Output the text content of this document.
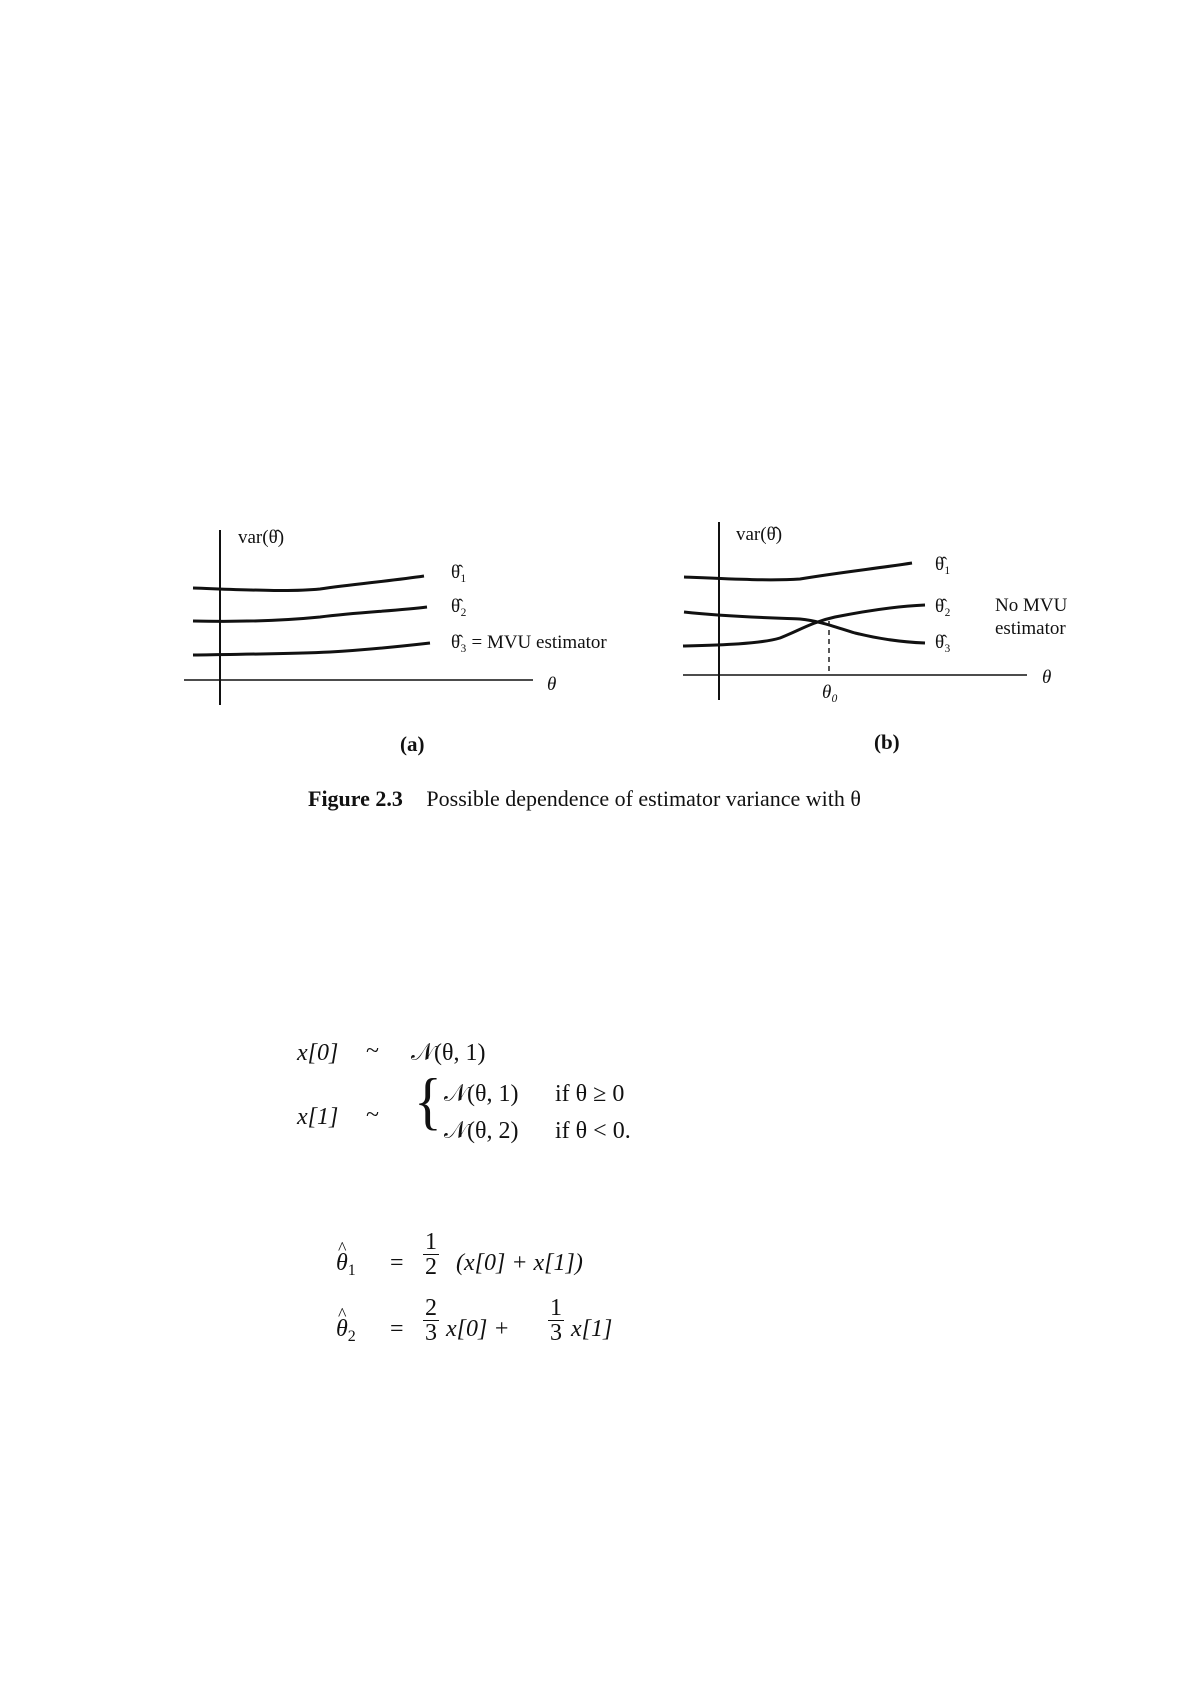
var(θ̂)
θ̂₁
θ̂₂
θ̂₃ = MVU estimator
θ
(a)
var(θ̂)
θ̂₁
θ̂₂
θ̂₃
No MVU
estimator
θ₀
θ
(b)
Figure 2.3 Possible dependence of estimator variance with θ
x[0] ~ 𝒩(θ, 1)
x[1] ~ { 𝒩(θ, 1) if θ ≥ 0
𝒩(θ, 2) if θ < 0.
^ $\theta_1 = \frac{1}{2} (x[0] + x[1])$
^ $\theta_2 = \frac{2}{3} x[0] + \frac{1}{3} x[1]$
